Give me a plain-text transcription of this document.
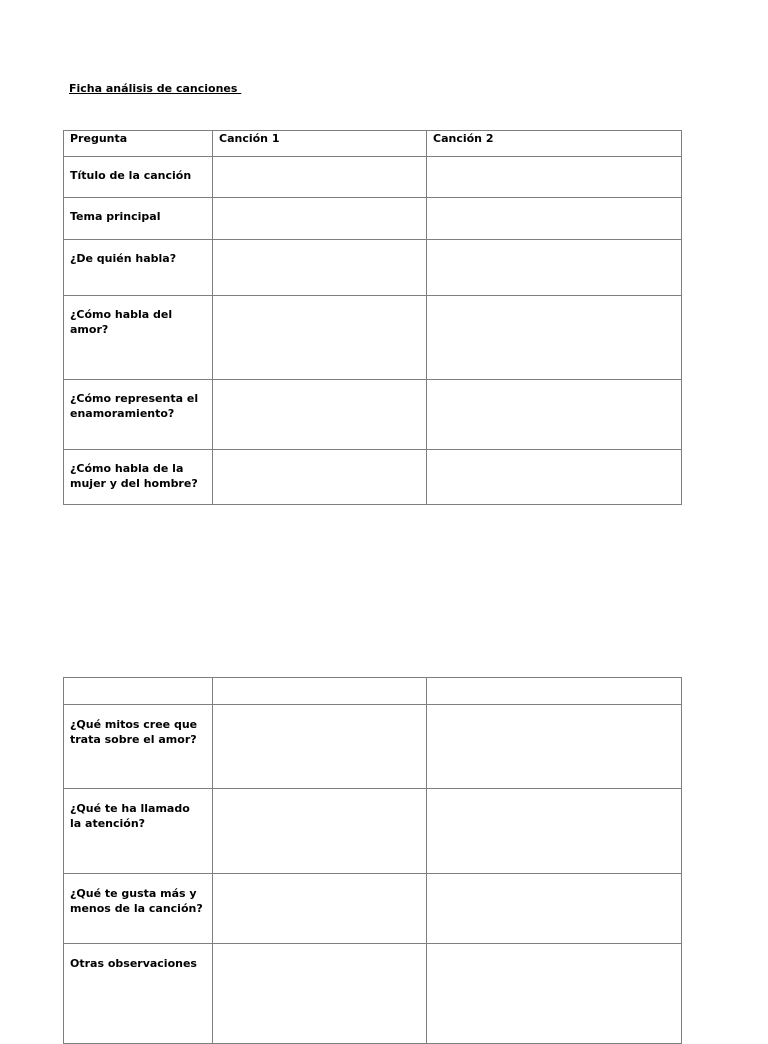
Ficha análisis de canciones

Pregunta	Canción 1	Canción 2

Título de la canción		

Tema principal		

¿De quién habla?		

¿Cómo habla del amor?		

¿Cómo representa el enamoramiento?		

¿Cómo habla de la mujer y del hombre?		

¿Qué mitos cree que trata sobre el amor?		

¿Qué te ha llamado la atención?		

¿Qué te gusta más y menos de la canción?		

Otras observaciones		
